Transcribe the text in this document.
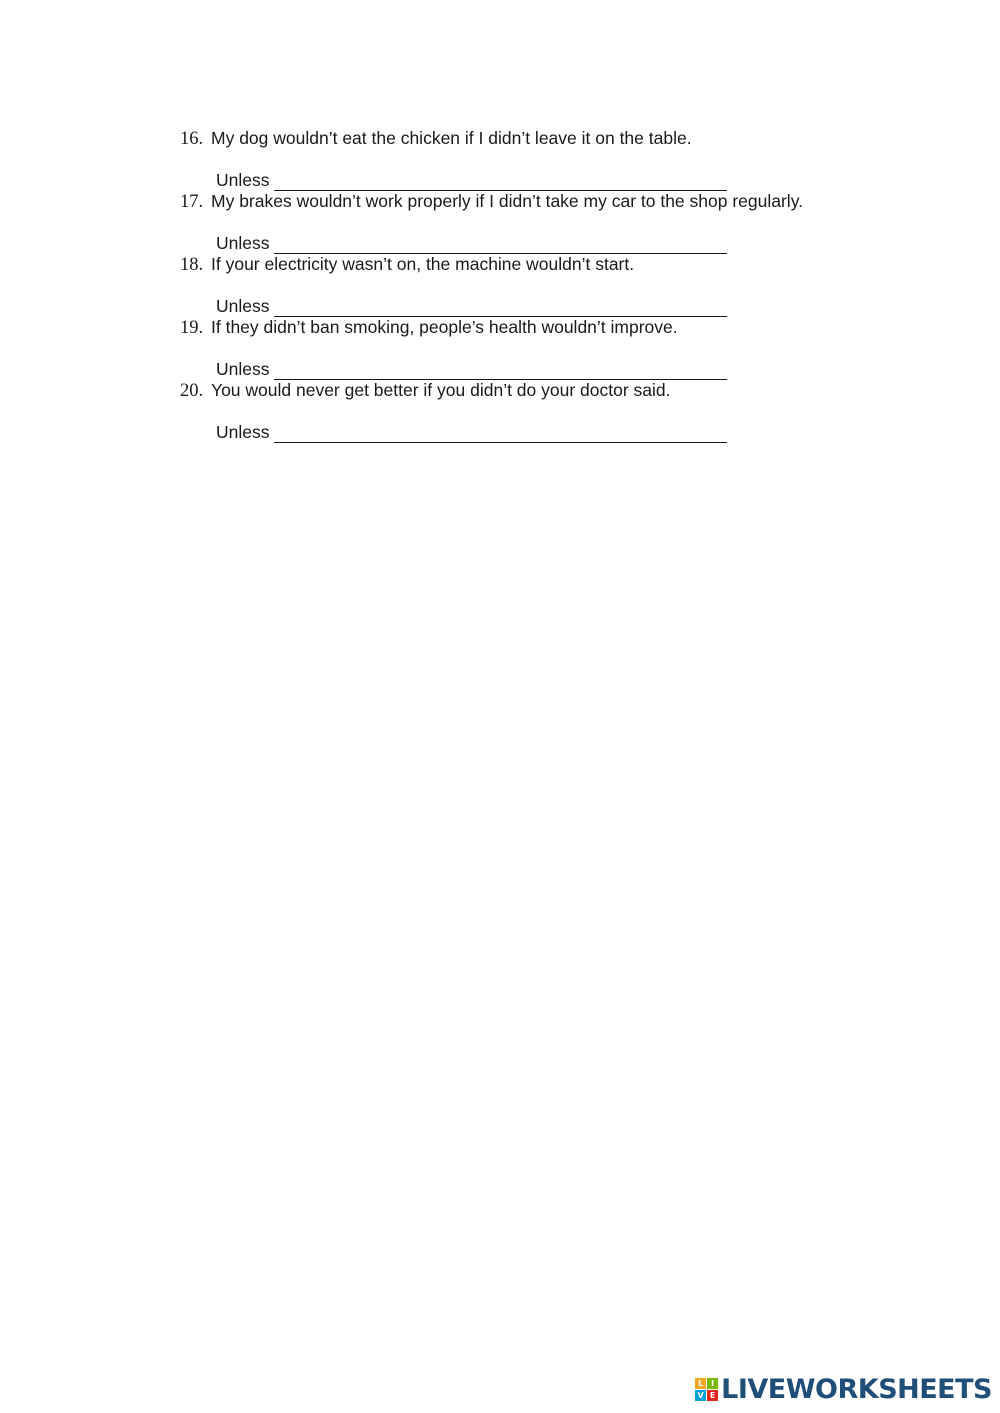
16. My dog wouldn’t eat the chicken if I didn’t leave it on the table.
Unless
17. My brakes wouldn’t work properly if I didn’t take my car to the shop regularly.
Unless
18. If your electricity wasn’t on, the machine wouldn’t start.
Unless
19. If they didn’t ban smoking, people’s health wouldn’t improve.
Unless
20. You would never get better if you didn’t do your doctor said.
Unless
L I
V E LIVEWORKSHEETS
